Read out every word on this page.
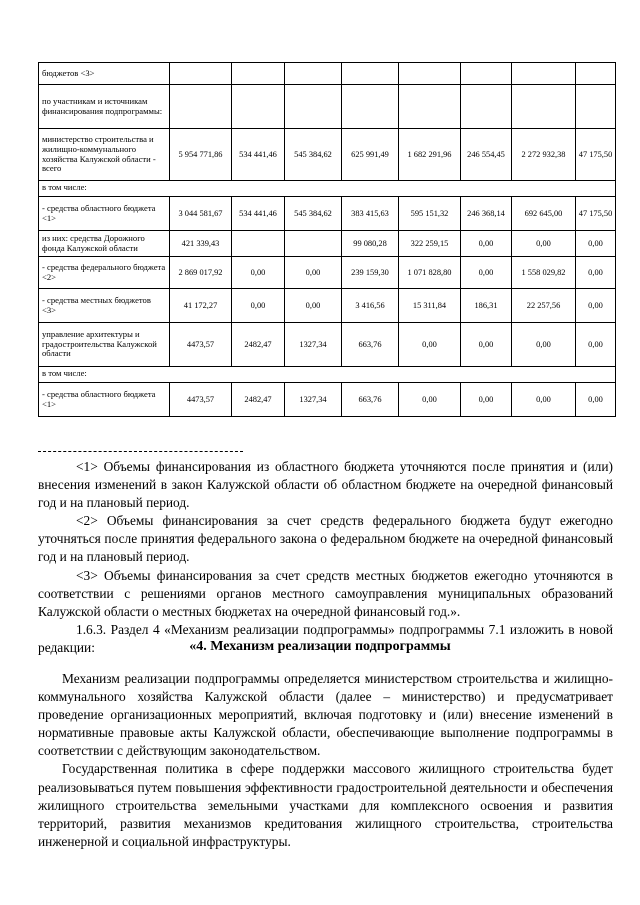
бюджетов <3>								
по участникам и источникам финансирования подпрограммы:								
министерство строительства и жилищно-коммунального хозяйства Калужской области - всего	5 954 771,86	534 441,46	545 384,62	625 991,49	1 682 291,96	246 554,45	2 272 932,38	47 175,50
в том числе:								
- средства областного бюджета <1>	3 044 581,67	534 441,46	545 384,62	383 415,63	595 151,32	246 368,14	692 645,00	47 175,50
из них: средства Дорожного фонда Калужской области	421 339,43			99 080,28	322 259,15	0,00	0,00	0,00
- средства федерального бюджета <2>	2 869 017,92	0,00	0,00	239 159,30	1 071 828,80	0,00	1 558 029,82	0,00
- средства местных бюджетов <3>	41 172,27	0,00	0,00	3 416,56	15 311,84	186,31	22 257,56	0,00
управление архитектуры и градостроительства Калужской области	4473,57	2482,47	1327,34	663,76	0,00	0,00	0,00	0,00
в том числе:								
- средства областного бюджета <1>	4473,57	2482,47	1327,34	663,76	0,00	0,00	0,00	0,00

<1> Объемы финансирования из областного бюджета уточняются после принятия и (или) внесения изменений в закон Калужской области об областном бюджете на очередной финансовый год и на плановый период.

<2> Объемы финансирования за счет средств федерального бюджета будут ежегодно уточняться после принятия федерального закона о федеральном бюджете на очередной финансовый год и на плановый период.

<3> Объемы финансирования за счет средств местных бюджетов ежегодно уточняются в соответствии с решениями органов местного самоуправления муниципальных образований Калужской области о местных бюджетах на очередной финансовый год.».

1.6.3. Раздел 4 «Механизм реализации подпрограммы» подпрограммы 7.1 изложить в новой редакции:	«4. Механизм реализации подпрограммы

Механизм реализации подпрограммы определяется министерством строительства и жилищно-коммунального хозяйства Калужской области (далее – министерство) и предусматривает проведение организационных мероприятий, включая подготовку и (или) внесение изменений в нормативные правовые акты Калужской области, обеспечивающие выполнение подпрограммы в соответствии с действующим законодательством.

Государственная политика в сфере поддержки массового жилищного строительства будет реализовываться путем повышения эффективности градостроительной деятельности и обеспечения жилищного строительства земельными участками для комплексного освоения и развития территорий, развития механизмов кредитования жилищного строительства, строительства инженерной и социальной инфраструктуры.
